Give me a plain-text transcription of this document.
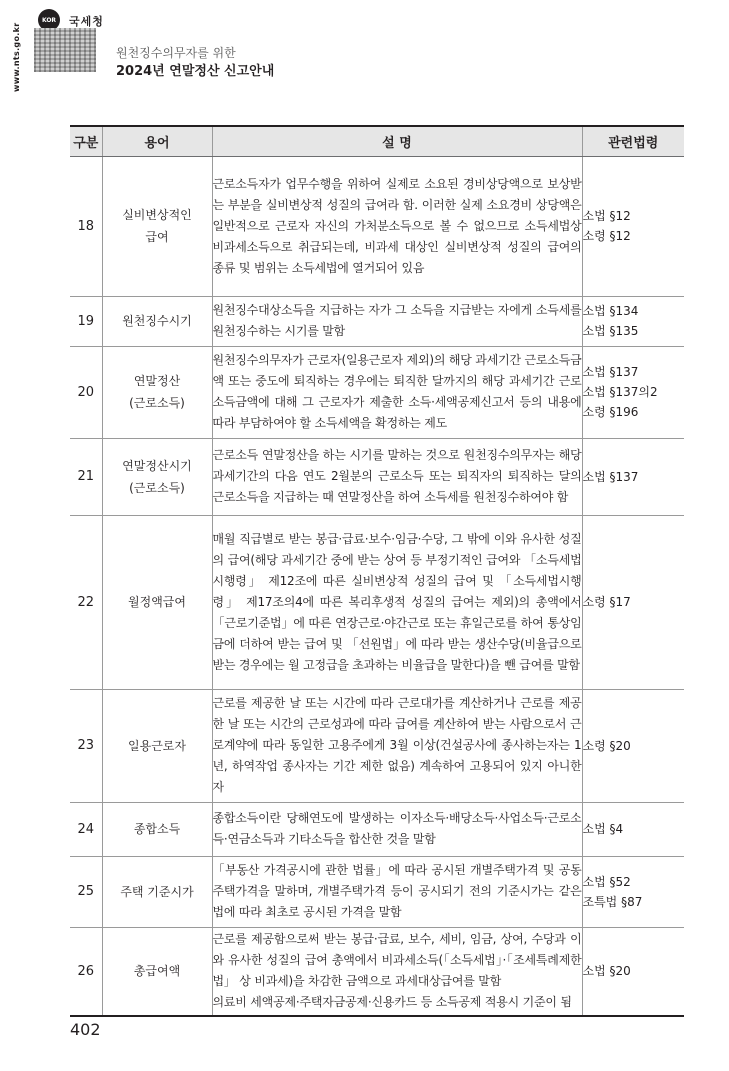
www.nts.go.kr
KOR 국세청
원천징수의무자를 위한
2024년 연말정산 신고안내
구분	용어	설 명	관련법령
18	실비변상적인
급여	근로소득자가 업무수행을 위하여 실제로 소요된 경비상당액으로 보상받는 부분을 실비변상적 성질의 급여라 함. 이러한 실제 소요경비 상당액은 일반적으로 근로자 자신의 가처분소득으로 볼 수 없으므로 소득세법상 비과세소득으로 취급되는데, 비과세 대상인 실비변상적 성질의 급여의 종류 및 범위는 소득세법에 열거되어 있음	소법 §12
소령 §12

19	원천징수시기	원천징수대상소득을 지급하는 자가 그 소득을 지급받는 자에게 소득세를 원천징수하는 시기를 말함	소법 §134
소법 §135

20	연말정산
(근로소득)	원천징수의무자가 근로자(일용근로자 제외)의 해당 과세기간 근로소득금액 또는 중도에 퇴직하는 경우에는 퇴직한 달까지의 해당 과세기간 근로소득금액에 대해 그 근로자가 제출한 소득·세액공제신고서 등의 내용에 따라 부담하여야 할 소득세액을 확정하는 제도	소법 §137
소법 §137의2
소령 §196

21	연말정산시기
(근로소득)	근로소득 연말정산을 하는 시기를 말하는 것으로 원천징수의무자는 해당 과세기간의 다음 연도 2월분의 근로소득 또는 퇴직자의 퇴직하는 달의 근로소득을 지급하는 때 연말정산을 하여 소득세를 원천징수하여야 함	소법 §137

22	월정액급여	매월 직급별로 받는 봉급·급료·보수·임금·수당, 그 밖에 이와 유사한 성질의 급여(해당 과세기간 중에 받는 상여 등 부정기적인 급여와 「소득세법시행령」 제12조에 따른 실비변상적 성질의 급여 및 「소득세법시행령」 제17조의4에 따른 복리후생적 성질의 급여는 제외)의 총액에서 「근로기준법」에 따른 연장근로·야간근로 또는 휴일근로를 하여 통상임금에 더하여 받는 급여 및 「선원법」에 따라 받는 생산수당(비율급으로 받는 경우에는 월 고정급을 초과하는 비율급을 말한다)을 뺀 급여를 말함	소령 §17

23	일용근로자	근로를 제공한 날 또는 시간에 따라 근로대가를 계산하거나 근로를 제공한 날 또는 시간의 근로성과에 따라 급여를 계산하여 받는 사람으로서 근로계약에 따라 동일한 고용주에게 3월 이상(건설공사에 종사하는자는 1년, 하역작업 종사자는 기간 제한 없음) 계속하여 고용되어 있지 아니한 자	소령 §20

24	종합소득	종합소득이란 당해연도에 발생하는 이자소득·배당소득·사업소득·근로소득·연금소득과 기타소득을 합산한 것을 말함	소법 §4

25	주택 기준시가	「부동산 가격공시에 관한 법률」에 따라 공시된 개별주택가격 및 공동주택가격을 말하며, 개별주택가격 등이 공시되기 전의 기준시가는 같은 법에 따라 최초로 공시된 가격을 말함	소법 §52
조특법 §87

26	총급여액	근로를 제공함으로써 받는 봉급·급료, 보수, 세비, 임금, 상여, 수당과 이와 유사한 성질의 급여 총액에서 비과세소득(「소득세법」·「조세특례제한법」 상 비과세)을 차감한 금액으로 과세대상급여를 말함
의료비 세액공제·주택자금공제·신용카드 등 소득공제 적용시 기준이 됨	소법 §20
402
